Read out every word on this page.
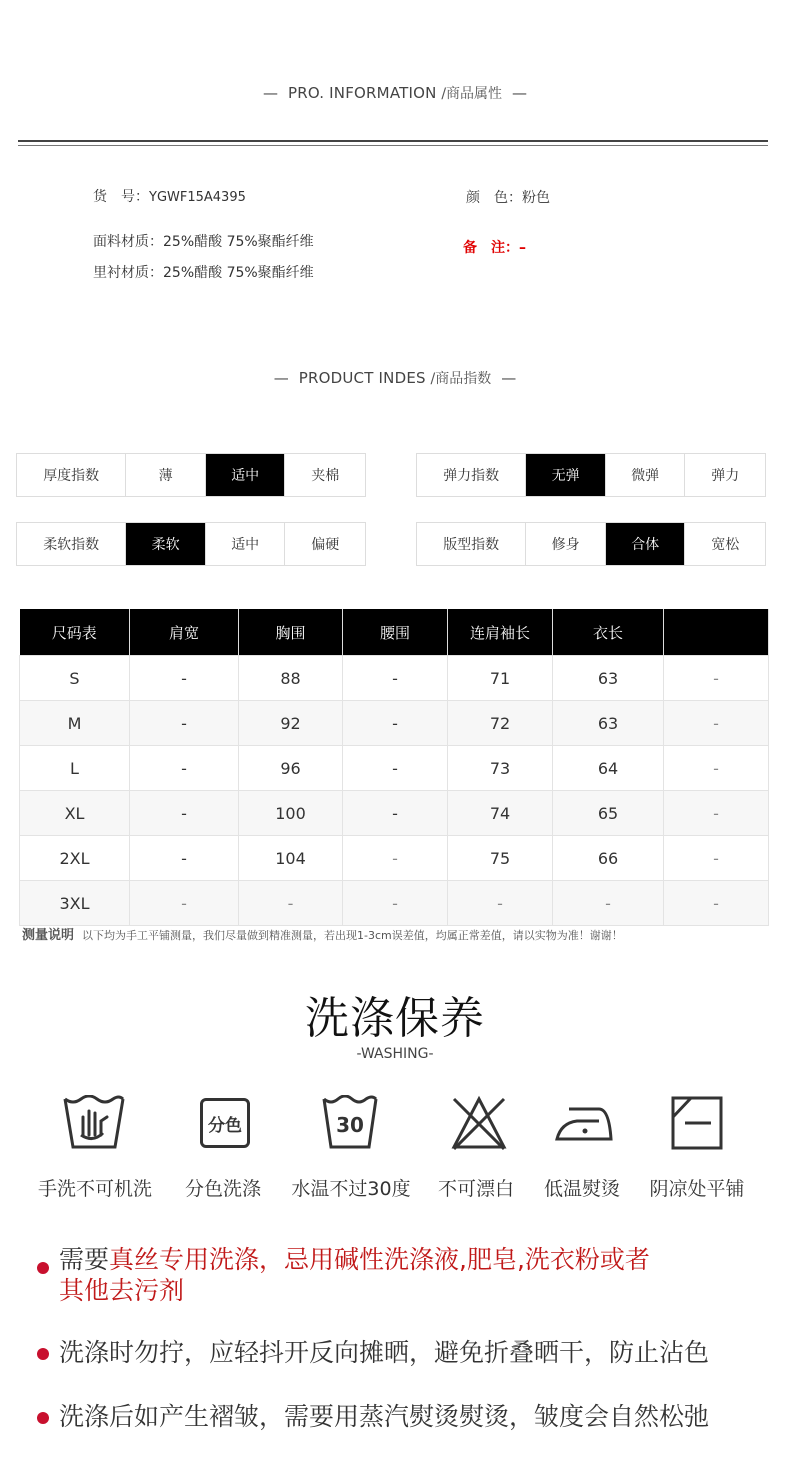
— PRO. INFORMATION /商品属性 —
货　号：YGWF15A4395	颜　色：粉色
面料材质：25%醋酸 75%聚酯纤维	备　注：–
里衬材质：25%醋酸 75%聚酯纤维
— PRODUCT INDES /商品指数 —
厚度指数	薄	适中	夹棉	弹力指数	无弹	微弹	弹力
柔软指数	柔软	适中	偏硬	版型指数	修身	合体	宽松
尺码表	肩宽	胸围	腰围	连肩袖长	衣长	
S	-	88	-	71	63	-
M	-	92	-	72	63	-
L	-	96	-	73	64	-
XL	-	100	-	74	65	-
2XL	-	104	-	75	66	-
3XL	-	-	-	-	-	-
测量说明 以下均为手工平铺测量，我们尽量做到精准测量，若出现1-3cm误差值，均属正常差值，请以实物为准！谢谢！
洗涤保养
-WASHING-
分色	30
手洗不可机洗	分色洗涤	水温不过30度	不可漂白	低温熨烫	阴凉处平铺
需要真丝专用洗涤，忌用碱性洗涤液,肥皂,洗衣粉或者
其他去污剂
洗涤时勿拧，应轻抖开反向摊晒，避免折叠晒干，防止沾色
洗涤后如产生褶皱，需要用蒸汽熨烫熨烫，皱度会自然松弛
